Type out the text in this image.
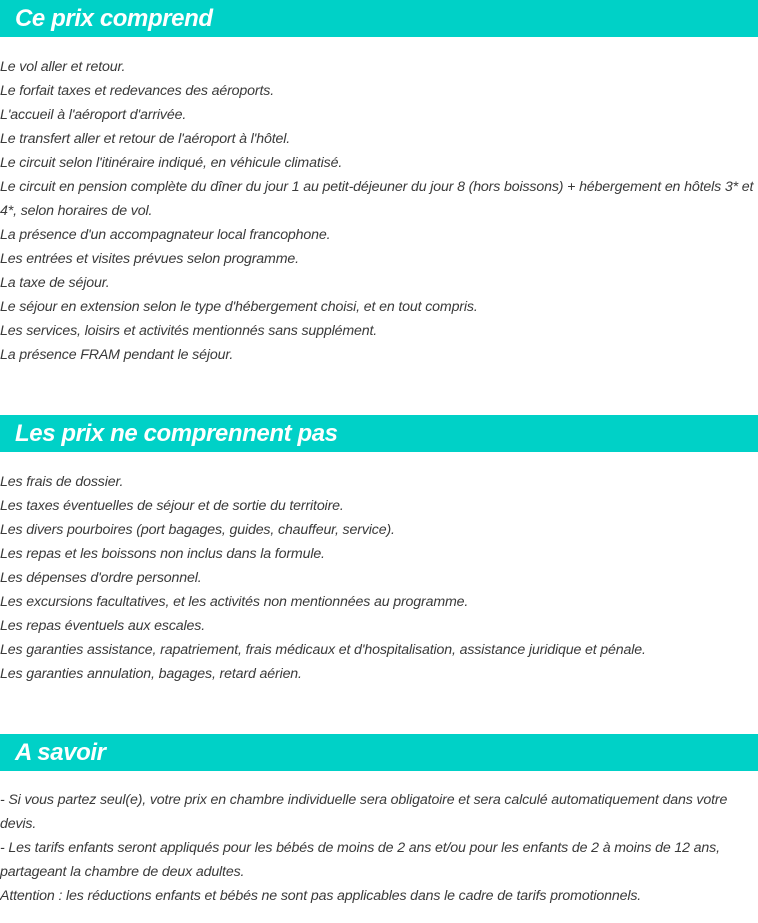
Ce prix comprend
Le vol aller et retour.
Le forfait taxes et redevances des aéroports.
L'accueil à l'aéroport d'arrivée.
Le transfert aller et retour de l'aéroport à l'hôtel.
Le circuit selon l'itinéraire indiqué, en véhicule climatisé.
Le circuit en pension complète du dîner du jour 1 au petit-déjeuner du jour 8 (hors boissons) + hébergement en hôtels 3* et 4*, selon horaires de vol.
La présence d'un accompagnateur local francophone.
Les entrées et visites prévues selon programme.
La taxe de séjour.
Le séjour en extension selon le type d'hébergement choisi, et en tout compris.
Les services, loisirs et activités mentionnés sans supplément.
La présence FRAM pendant le séjour.
Les prix ne comprennent pas
Les frais de dossier.
Les taxes éventuelles de séjour et de sortie du territoire.
Les divers pourboires (port bagages, guides, chauffeur, service).
Les repas et les boissons non inclus dans la formule.
Les dépenses d'ordre personnel.
Les excursions facultatives, et les activités non mentionnées au programme.
Les repas éventuels aux escales.
Les garanties assistance, rapatriement, frais médicaux et d'hospitalisation, assistance juridique et pénale.
Les garanties annulation, bagages, retard aérien.
A savoir
- Si vous partez seul(e), votre prix en chambre individuelle sera obligatoire et sera calculé automatiquement dans votre devis.
- Les tarifs enfants seront appliqués pour les bébés de moins de 2 ans et/ou pour les enfants de 2 à moins de 12 ans, partageant la chambre de deux adultes.
Attention : les réductions enfants et bébés ne sont pas applicables dans le cadre de tarifs promotionnels.
